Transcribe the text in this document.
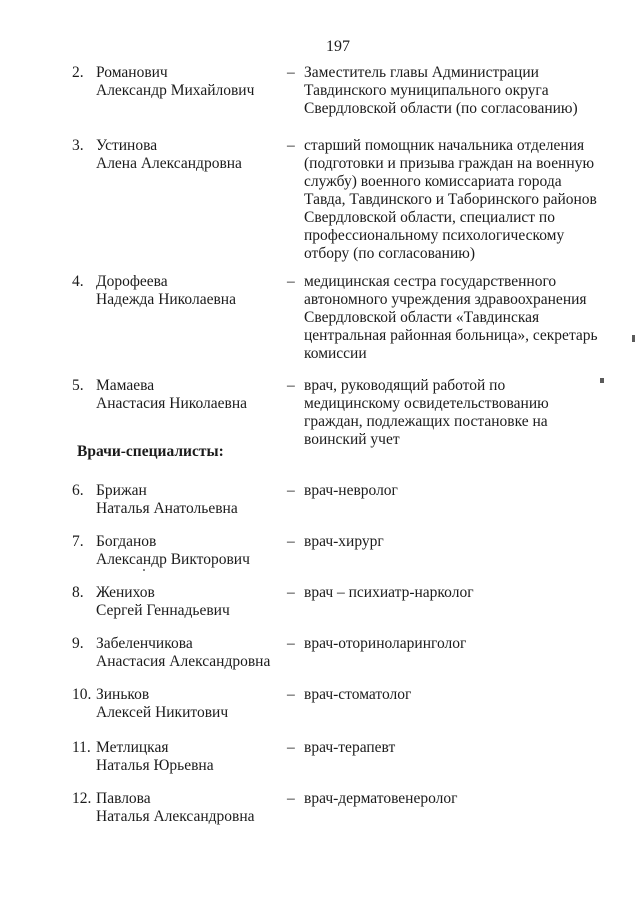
197
2. Романович
Александр Михайлович
– Заместитель главы Администрации Тавдинского муниципального округа Свердловской области (по согласованию)
3. Устинова
Алена Александровна
– старший помощник начальника отделения (подготовки и призыва граждан на военную службу) военного комиссариата города Тавда, Тавдинского и Таборинского районов Свердловской области, специалист по профессиональному психологическому отбору (по согласованию)
4. Дорофеева
Надежда Николаевна
– медицинская сестра государственного автономного учреждения здравоохранения Свердловской области «Тавдинская центральная районная больница», секретарь комиссии
5. Мамаева
Анастасия Николаевна
– врач, руководящий работой по медицинскому освидетельствованию граждан, подлежащих постановке на воинский учет
Врачи-специалисты:
6. Брижан
Наталья Анатольевна
– врач-невролог
7. Богданов
Александр Викторович
– врач-хирург
8. Женихов
Сергей Геннадьевич
– врач – психиатр-нарколог
9. Забеленчикова
Анастасия Александровна
– врач-оториноларинголог
10. Зиньков
Алексей Никитович
– врач-стоматолог
11. Метлицкая
Наталья Юрьевна
– врач-терапевт
12. Павлова
Наталья Александровна
– врач-дерматовенеролог
